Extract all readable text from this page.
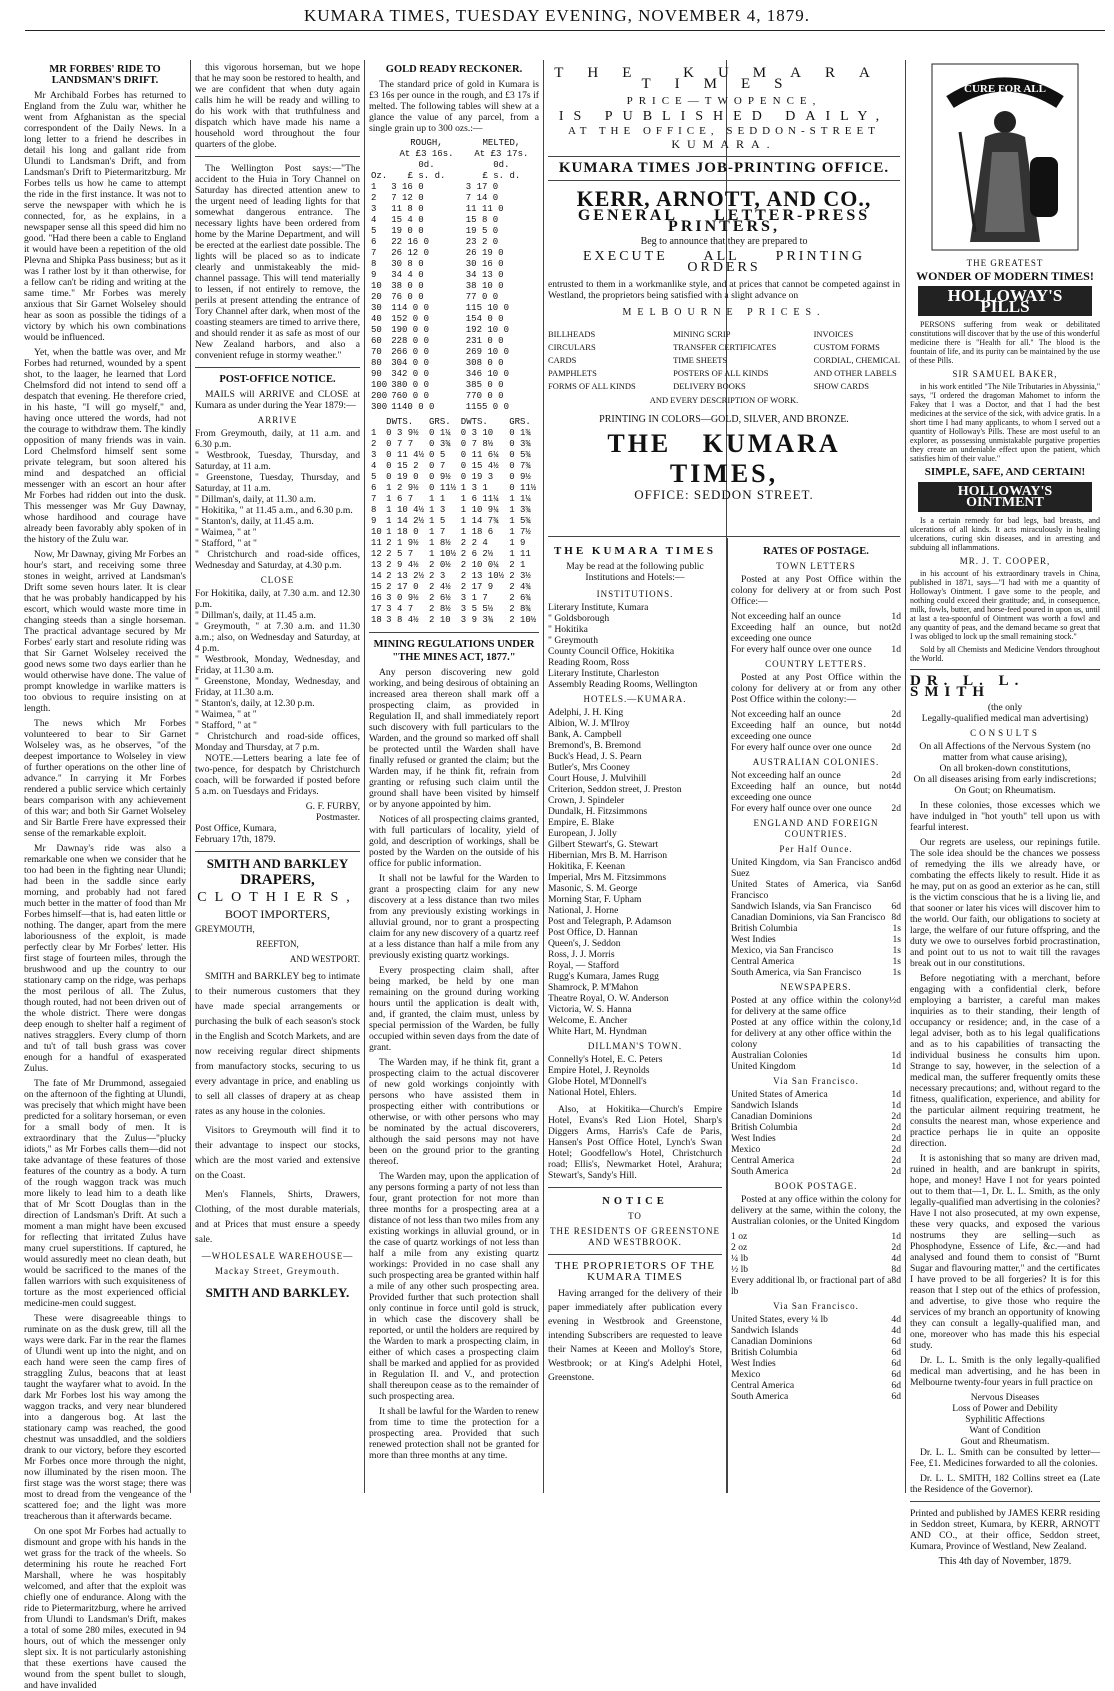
KUMARA TIMES, TUESDAY EVENING, NOVEMBER 4, 1879.
MR FORBES' RIDE TO LANDSMAN'S DRIFT.

Mr Archibald Forbes has returned to England from the Zulu war, whither he went from Afghanistan as the special correspondent of the Daily News. In a long letter to a friend he describes in detail his long and gallant ride from Ulundi to Landsman's Drift, and from Landsman's Drift to Pietermaritzburg. Mr Forbes tells us how he came to attempt the ride in the first instance. It was not to serve the newspaper with which he is connected, for, as he explains, in a newspaper sense all this speed did him no good. "Had there been a cable to England it would have been a repetition of the old Plevna and Shipka Pass business; but as it was I rather lost by it than otherwise, for a fellow can't be riding and writing at the same time." Mr Forbes was merely anxious that Sir Garnet Wolseley should hear as soon as possible the tidings of a victory by which his own combinations would be influenced.

Yet, when the battle was over, and Mr Forbes had returned, wounded by a spent shot, to the laager, he learned that Lord Chelmsford did not intend to send off a despatch that evening. He therefore cried, in his haste, "I will go myself," and, having once uttered the words, had not the courage to withdraw them. The kindly opposition of many friends was in vain. Lord Chelmsford himself sent some private telegram, but soon altered his mind and despatched an official messenger with an escort an hour after Mr Forbes had ridden out into the dusk. This messenger was Mr Guy Dawnay, whose hardihood and courage have already been favorably ably spoken of in the history of the Zulu war.

Now, Mr Dawnay, giving Mr Forbes an hour's start, and receiving some three stones in weight, arrived at Landsman's Drift some seven hours later. It is clear that he was probably handicapped by his escort, which would waste more time in changing steeds than a single horseman. The practical advantage secured by Mr Forbes' early start and resolute riding was that Sir Garnet Wolseley received the good news some two days earlier than he would otherwise have done. The value of prompt knowledge in warlike matters is too obvious to require insisting on at length.

The news which Mr Forbes volunteered to bear to Sir Garnet Wolseley was, as he observes, "of the deepest importance to Wolseley in view of further operations on the other line of advance." In carrying it Mr Forbes rendered a public service which certainly bears comparison with any achievement of this war; and both Sir Garnet Wolseley and Sir Bartle Frere have expressed their sense of the remarkable exploit.

Mr Dawnay's ride was also a remarkable one when we consider that he too had been in the fighting near Ulundi; had been in the saddle since early morning, and probably had not fared much better in the matter of food than Mr Forbes himself—that is, had eaten little or nothing. The danger, apart from the mere laboriousness of the exploit, is made perfectly clear by Mr Forbes' letter. His first stage of fourteen miles, through the brushwood and up the country to our stationary camp on the ridge, was perhaps the most perilous of all. The Zulus, though routed, had not been driven out of the whole district. There were dongas deep enough to shelter half a regiment of natives stragglers. Every clump of thorn and tu't of tall bush grass was cover enough for a handful of exasperated Zulus.

The fate of Mr Drummond, assegaied on the afternoon of the fighting at Ulundi, was precisely that which might have been predicted for a solitary horseman, or even for a small body of men. It is extraordinary that the Zulus—"plucky idiots," as Mr Forbes calls them—did not take advantage of these features of those features of the country as a body. A turn of the rough waggon track was much more likely to lead him to a death like that of Mr Scott Douglas than in the direction of Landsman's Drift. At such a moment a man might have been excused for reflecting that irritated Zulus have many cruel superstitions. If captured, he would assuredly meet no clean death, but would be sacrificed to the manes of the fallen warriors with such exquisiteness of torture as the most experienced official medicine-men could suggest.

These were disagreeable things to ruminate on as the dusk grew, till all the ways were dark. Far in the rear the flames of Ulundi went up into the night, and on each hand were seen the camp fires of straggling Zulus, beacons that at least taught the wayfarer what to avoid. In the dark Mr Forbes lost his way among the waggon tracks, and very near blundered into a dangerous bog. At last the stationary camp was reached, the good chestnut was unsaddled, and the soldiers drank to our victory, before they escorted Mr Forbes once more through the night, now illuminated by the risen moon. The first stage was the worst stage; there was most to dread from the vengeance of the scattered foe; and the light was more treacherous than it afterwards became.

On one spot Mr Forbes had actually to dismount and grope with his hands in the wet grass for the track of the wheels. So determining his route he reached Fort Marshall, where he was hospitably welcomed, and after that the exploit was chiefly one of endurance. Along with the ride to Pietermaritzburg, where he arrived from Ulundi to Landsman's Drift, makes a total of some 280 miles, executed in 94 hours, out of which the messenger only slept six. It is not particularly astonishing that these exertions have caused the wound from the spent bullet to slough, and have invalided

this vigorous horseman, but we hope that he may soon be restored to health, and we are confident that when duty again calls him he will be ready and willing to do his work with that truthfulness and dispatch which have made his name a household word throughout the four quarters of the globe.

The Wellington Post says:—"The accident to the Huia in Tory Channel on Saturday has directed attention anew to the urgent need of leading lights for that somewhat dangerous entrance. The necessary lights have been ordered from home by the Marine Department, and will be erected at the earliest date possible. The lights will be placed so as to indicate clearly and unmistakeably the mid-channel passage. This will tend materially to lessen, if not entirely to remove, the perils at present attending the entrance of Tory Channel after dark, when most of the coasting steamers are timed to arrive there, and should render it as safe as most of our New Zealand harbors, and also a convenient refuge in stormy weather."

POST-OFFICE NOTICE.

MAILS will ARRIVE and CLOSE at Kumara as under during the Year 1879:—

ARRIVE
From Greymouth, daily, at 11 a.m. and 6.30 p.m.
" Westbrook, Tuesday, Thursday, and Saturday, at 11 a.m.
" Greenstone, Tuesday, Thursday, and Saturday, at 11 a.m.
" Dillman's, daily, at 11.30 a.m.
" Hokitika, " at 11.45 a.m., and 6.30 p.m.
" Stanton's, daily, at 11.45 a.m.
" Waimea, " at "
" Stafford, " at "
" Christchurch and road-side offices, Wednesday and Saturday, at 4.30 p.m.
CLOSE
For Hokitika, daily, at 7.30 a.m. and 12.30 p.m.
" Dillman's, daily, at 11.45 a.m.
" Greymouth, " at 7.30 a.m. and 11.30 a.m.; also, on Wednesday and Saturday, at 4 p.m.
" Westbrook, Monday, Wednesday, and Friday, at 11.30 a.m.
" Greenstone, Monday, Wednesday, and Friday, at 11.30 a.m.
" Stanton's, daily, at 12.30 p.m.
" Waimea, " at "
" Stafford, " at "
" Christchurch and road-side offices, Monday and Thursday, at 7 p.m.

NOTE.—Letters bearing a late fee of two-pence, for despatch by Christchurch coach, will be forwarded if posted before 5 a.m. on Tuesdays and Fridays.

G. F. FURBY,
Postmaster.
Post Office, Kumara,
February 17th, 1879.
SMITH AND BARKLEY
DRAPERS,
CLOTHIERS,
BOOT IMPORTERS,
GREYMOUTH,
REEFTON,
AND WESTPORT.

SMITH and BARKLEY beg to intimate to their numerous customers that they have made special arrangements or purchasing the bulk of each season's stock in the English and Scotch Markets, and are now receiving regular direct shipments from manufactory stocks, securing to us every advantage in price, and enabling us to sell all classes of drapery at as cheap rates as any house in the colonies.

Visitors to Greymouth will find it to their advantage to inspect our stocks, which are the most varied and extensive on the Coast.

Men's Flannels, Shirts, Drawers, Clothing, of the most durable materials, and at Prices that must ensure a speedy sale.

—WHOLESALE WAREHOUSE—
Mackay Street, Greymouth.
SMITH AND BARKLEY.
GOLD READY RECKONER.

The standard price of gold in Kumara is £3 16s per ounce in the rough, and £3 17s if melted. The following tables will shew at a glance the value of any parcel, from a single grain up to 300 ozs.:—

	ROUGH,
At £3 16s. 0d.	MELTED,
At £3 17s. 0d.
Oz.	£ s. d.	£ s. d.
1	3 16 0	3 17 0
2	7 12 0	7 14 0
3	11 8 0	11 11 0
4	15 4 0	15 8 0
5	19 0 0	19 5 0
6	22 16 0	23 2 0
7	26 12 0	26 19 0
8	30 8 0	30 16 0
9	34 4 0	34 13 0
10	38 0 0	38 10 0
20	76 0 0	77 0 0
30	114 0 0	115 10 0
40	152 0 0	154 0 0
50	190 0 0	192 10 0
60	228 0 0	231 0 0
70	266 0 0	269 10 0
80	304 0 0	308 0 0
90	342 0 0	346 10 0
100	380 0 0	385 0 0
200	760 0 0	770 0 0
300	1140 0 0	1155 0 0
	DWTS.	GRS.	DWTS.	GRS.
1	0 3 9½	0 1¼	0 3 10	0 1¾
2	0 7 7	0 3¾	0 7 8½	0 3¾
3	0 11 4½	0 5	0 11 6¼	0 5¾
4	0 15 2	0 7	0 15 4½	0 7¾
5	0 19 0	0 9½	0 19 3	0 9½
6	1 2 9½	0 11½	1 3 1	0 11½
7	1 6 7	1 1	1 6 11¼	1 1¼
8	1 10 4½	1 3	1 10 9¼	1 3¾
9	1 14 2½	1 5	1 14 7¾	1 5¾
10	1 18 0	1 7	1 18 6	1 7½
11	2 1 9½	1 8½	2 2 4	1 9
12	2 5 7	1 10½	2 6 2½	1 11
13	2 9 4½	2 0½	2 10 0¼	2 1
14	2 13 2½	2 3	2 13 10½	2 3½
15	2 17 0	2 4½	2 17 9	2 4¾
16	3 0 9½	2 6½	3 1 7	2 6¾
17	3 4 7	2 8½	3 5 5½	2 8¾
18	3 8 4½	2 10	3 9 3¾	2 10½
MINING REGULATIONS UNDER
"THE MINES ACT, 1877."

Any person discovering new gold working, and being desirous of obtaining an increased area thereon shall mark off a prospecting claim, as provided in Regulation II, and shall immediately report such discovery with full particulars to the Warden, and the ground so marked off shall be protected until the Warden shall have finally refused or granted the claim; but the Warden may, if he think fit, refrain from granting or refusing such claim until the ground shall have been visited by himself or by anyone appointed by him.

Notices of all prospecting claims granted, with full particulars of locality, yield of gold, and description of workings, shall be posted by the Warden on the outside of his office for public information.

It shall not be lawful for the Warden to grant a prospecting claim for any new discovery at a less distance than two miles from any previously existing workings in alluvial ground, nor to grant a prospecting claim for any new discovery of a quartz reef at a less distance than half a mile from any previously existing quartz workings.

Every prospecting claim shall, after being marked, be held by one man remaining on the ground during working hours until the application is dealt with, and, if granted, the claim must, unless by special permission of the Warden, be fully occupied within seven days from the date of grant.

The Warden may, if he think fit, grant a prospecting claim to the actual discoverer of new gold workings conjointly with persons who have assisted them in prospecting either with contributions or otherwise, or with other persons who may be nominated by the actual discoverers, although the said persons may not have been on the ground prior to the granting thereof.

The Warden may, upon the application of any persons forming a party of not less than four, grant protection for not more than three months for a prospecting area at a distance of not less than two miles from any existing workings in alluvial ground, or in the case of quartz workings of not less than half a mile from any existing quartz workings: Provided in no case shall any such prospecting area be granted within half a mile of any other such prospecting area. Provided further that such protection shall only continue in force until gold is struck, in which case the discovery shall be reported, or until the holders are required by the Warden to mark a prospecting claim, in either of which cases a prospecting claim shall be marked and applied for as provided in Regulation II. and V., and protection shall thereupon cease as to the remainder of such prospecting area.

It shall be lawful for the Warden to renew from time to time the protection for a prospecting area. Provided that such renewed protection shall not be granted for more than three months at any time.

THE KUMARA TIMES
PRICE—TWOPENCE,
IS PUBLISHED DAILY,
AT THE OFFICE, SEDDON-STREET
KUMARA.
KUMARA TIMES JOB-PRINTING OFFICE.
KERR, ARNOTT, AND CO.,
GENERAL LETTER-PRESS PRINTERS,
Beg to announce that they are prepared to
EXECUTE ALL PRINTING ORDERS

entrusted to them in a workmanlike style, and at prices that cannot be competed against in Westland, the proprietors being satisfied with a slight advance on

MELBOURNE PRICES.
BILLHEADS
CIRCULARS
CARDS
PAMPHLETS
FORMS OF ALL KINDS
MINING SCRIP
TRANSFER CERTIFICATES
TIME SHEETS
POSTERS OF ALL KINDS
DELIVERY BOOKS
INVOICES
CUSTOM FORMS
CORDIAL, CHEMICAL
AND OTHER LABELS
SHOW CARDS
AND EVERY DESCRIPTION OF WORK.
PRINTING IN COLORS—GOLD, SILVER, AND BRONZE.
THE KUMARA TIMES,
OFFICE: SEDDON STREET.
THE KUMARA TIMES
May be read at the following public Institutions and Hotels:—
INSTITUTIONS.
Literary Institute, Kumara
" Goldsborough
" Hokitika
" Greymouth
County Council Office, Hokitika
Reading Room, Ross
Literary Institute, Charleston
Assembly Reading Rooms, Wellington
HOTELS.—KUMARA.
Adelphi, J. H. King
Albion, W. J. M'Ilroy
Bank, A. Campbell
Bremond's, B. Bremond
Buck's Head, J. S. Pearn
Butler's, Mrs Cooney
Court House, J. Mulvihill
Criterion, Seddon street, J. Preston
Crown, J. Spindeler
Dundalk, H. Fitzsimmons
Empire, E. Blake
European, J. Jolly
Gilbert Stewart's, G. Stewart
Hibernian, Mrs B. M. Harrison
Hokitika, F. Keenan
Imperial, Mrs M. Fitzsimmons
Masonic, S. M. George
Morning Star, F. Upham
National, J. Horne
Post and Telegraph, P. Adamson
Post Office, D. Hannan
Queen's, J. Seddon
Ross, J. J. Morris
Royal, — Stafford
Rugg's Kumara, James Rugg
Shamrock, P. M'Mahon
Theatre Royal, O. W. Anderson
Victoria, W. S. Hanna
Welcome, E. Ancher
White Hart, M. Hyndman
DILLMAN'S TOWN.
Connelly's Hotel, E. C. Peters
Empire Hotel, J. Reynolds
Globe Hotel, M'Donnell's
National Hotel, Ehlers.

Also, at Hokitika—Church's Empire Hotel, Evans's Red Lion Hotel, Sharp's Diggers Arms, Harris's Cafe de Paris, Hansen's Post Office Hotel, Lynch's Swan Hotel; Goodfellow's Hotel, Christchurch road; Ellis's, Newmarket Hotel, Arahura; Stewart's, Sandy's Hill.

NOTICE
TO
THE RESIDENTS OF GREENSTONE AND WESTBROOK.
THE PROPRIETORS OF THE KUMARA TIMES

Having arranged for the delivery of their paper immediately after publication every evening in Westbrook and Greenstone, intending Subscribers are requested to leave their Names at Keeen and Molloy's Store, Westbrook; or at King's Adelphi Hotel, Greenstone.

RATES OF POSTAGE.
TOWN LETTERS

Posted at any Post Office within the colony for delivery at or from such Post Office:—

Not exceeding half an ounce	1d
Exceeding half an ounce, but not exceeding one ounce
2d
For every half ounce over one ounce 1d
COUNTRY LETTERS.

Posted at any Post Office within the colony for delivery at or from any other Post Office within the colony:—

Not exceeding half an ounce	2d
Exceeding half an ounce, but not exceeding one ounce
4d
For every half ounce over one ounce 2d
AUSTRALIAN COLONIES.
Not exceeding half an ounce	2d
Exceeding half an ounce, but not exceeding one ounce
4d
For every half ounce over one ounce 2d
ENGLAND AND FOREIGN COUNTRIES.
Per Half Ounce.
United Kingdom, via San Francisco and Suez
6d
United States of America, via San Francisco
6d
Sandwich Islands, via San Francisco 6d
Canadian Dominions, via San Francisco 8d
British Columbia	1s
West Indies	1s
Mexico, via San Francisco	1s
Central America	1s
South America, via San Francisco	1s
NEWSPAPERS.
Posted at any office within the colony for delivery at the same office
½d
Posted at any office within the colony, for delivery at any other office within the colony
1d
Australian Colonies	1d
United Kingdom	1d
Via San Francisco.
United States of America	1d
Sandwich Islands	1d
Canadian Dominions	2d
British Columbia	2d
West Indies	2d
Mexico	2d
Central America	2d
South America	2d
BOOK POSTAGE.

Posted at any office within the colony for delivery at the same, within the colony, the Australian colonies, or the United Kingdom

1 oz	1d
2 oz	2d
¼ lb	4d
½ lb	8d
Every additional lb, or fractional part of a lb
8d
Via San Francisco.
United States, every ¼ lb	4d
Sandwich Islands	4d
Canadian Dominions	6d
British Columbia	6d
West Indies	6d
Mexico	6d
Central America	6d
South America	6d
CURE FOR ALL
THE GREATEST
WONDER OF MODERN TIMES!
HOLLOWAY'S PILLS

PERSONS suffering from weak or debilitated constitutions will discover that by the use of this wonderful medicine there is "Health for all." The blood is the fountain of life, and its purity can be maintained by the use of these Pills.

SIR SAMUEL BAKER,

in his work entitled "The Nile Tributaries in Abyssinia," says, "I ordered the dragoman Mahomet to inform the Fakey that I was a Doctor, and that I had the best medicines at the service of the sick, with advice gratis. In a short time I had many applicants, to whom I served out a quantity of Holloway's Pills. These are most useful to an explorer, as possessing unmistakable purgative properties they create an undeniable effect upon the patient, which satisfies him of their value."

SIMPLE, SAFE, AND CERTAIN!
HOLLOWAY'S OINTMENT

Is a certain remedy for bad legs, bad breasts, and ulcerations of all kinds. It acts miraculously in healing ulcerations, curing skin diseases, and in arresting and subduing all inflammations.

MR. J. T. COOPER,

in his account of his extraordinary travels in China, published in 1871, says—"I had with me a quantity of Holloway's Ointment. I gave some to the people, and nothing could exceed their gratitude; and, in consequence, milk, fowls, butter, and horse-feed poured in upon us, until at last a tea-spoonful of Ointment was worth a fowl and any quantity of peas, and the demand became so great that I was obliged to lock up the small remaining stock."

Sold by all Chemists and Medicine Vendors throughout the World.

DR. L. L. SMITH
(the only
Legally-qualified medical man advertising)
CONSULTS
On all Affections of the Nervous System (no matter from what cause arising),
On all broken-down constitutions,
On all diseases arising from early indiscretions;
On Gout; on Rheumatism.

In these colonies, those excesses which we have indulged in "hot youth" tell upon us with fearful interest.

Our regrets are useless, our repinings futile. The sole idea should be the chances we possess of remedying the ills we already have, or combating the effects likely to result. Hide it as he may, put on as good an exterior as he can, still is the victim conscious that he is a living lie, and that sooner or later his vices will discover him to the world. Our faith, our obligations to society at large, the welfare of our future offspring, and the duty we owe to ourselves forbid procrastination, and point out to us not to wait till the ravages break out in our constitutions.

Before negotiating with a merchant, before engaging with a confidential clerk, before employing a barrister, a careful man makes inquiries as to their standing, their length of occupancy or residence; and, in the case of a legal adviser, both as to his legal qualifications and as to his capabilities of transacting the individual business he consults him upon. Strange to say, however, in the selection of a medical man, the sufferer frequently omits these necessary precautions; and, without regard to the fitness, qualification, experience, and ability for the particular ailment requiring treatment, he consults the nearest man, whose experience and practice perhaps lie in quite an opposite direction.

It is astonishing that so many are driven mad, ruined in health, and are bankrupt in spirits, hope, and money! Have I not for years pointed out to them that—1, Dr. L. L. Smith, as the only legally-qualified man advertising in the colonies? Have I not also prosecuted, at my own expense, these very quacks, and exposed the various nostrums they are selling—such as Phosphodyne, Essence of Life, &c.—and had analysed and found them to consist of "Burnt Sugar and flavouring matter," and the certificates I have proved to be all forgeries? It is for this reason that I step out of the ethics of profession, and advertise, to give those who require the services of my branch an opportunity of knowing they can consult a legally-qualified man, and one, moreover who has made this his especial study.

Dr. L. L. Smith is the only legally-qualified medical man advertising, and he has been in Melbourne twenty-four years in full practice on

Nervous Diseases
Loss of Power and Debility
Syphilitic Affections
Want of Condition
Gout and Rheumatism.

Dr. L. L. Smith can be consulted by letter—Fee, £1. Medicines forwarded to all the colonies.

Dr. L. L. SMITH, 182 Collins street ea (Late the Residence of the Governor).

Printed and published by JAMES KERR residing in Seddon street, Kumara, by KERR, ARNOTT AND CO., at their office, Seddon street, Kumara, Province of Westland, New Zealand.

This 4th day of November, 1879.
